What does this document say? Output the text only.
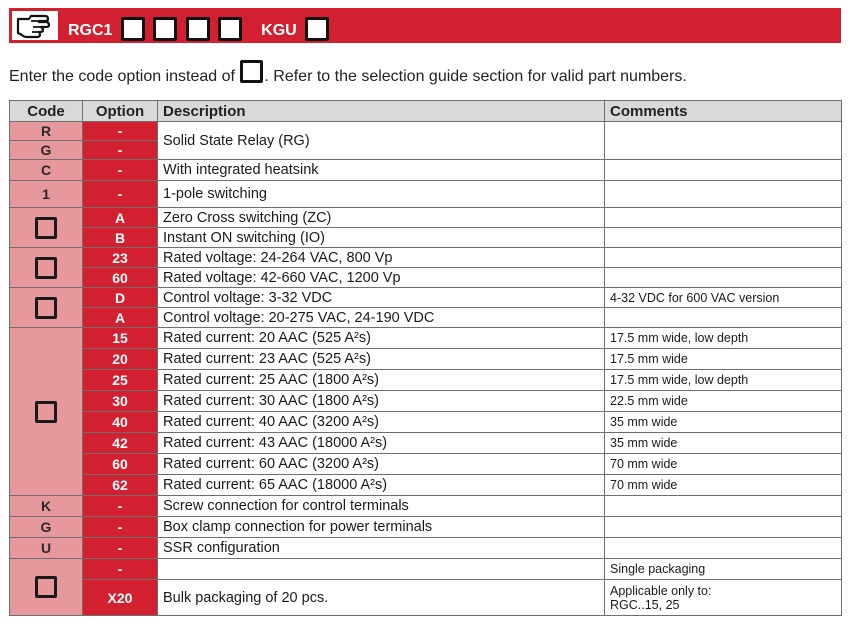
RGC1	KGU
Enter the code option instead of . Refer to the selection guide section for valid part numbers.
Code	Option	Description	Comments
R	-	Solid State Relay (RG)	
G	-		
C	-	With integrated heatsink	
1	-	1-pole switching	
	A	Zero Cross switching (ZC)	
	B	Instant ON switching (IO)	
	23	Rated voltage: 24-264 VAC, 800 Vp	
	60	Rated voltage: 42-660 VAC, 1200 Vp	
	D	Control voltage: 3-32 VDC	4-32 VDC for 600 VAC version
	A	Control voltage: 20-275 VAC, 24-190 VDC	
	15	Rated current: 20 AAC (525 A²s)	17.5 mm wide, low depth
	20	Rated current: 23 AAC (525 A²s)	17.5 mm wide
	25	Rated current: 25 AAC (1800 A²s)	17.5 mm wide, low depth
	30	Rated current: 30 AAC (1800 A²s)	22.5 mm wide
	40	Rated current: 40 AAC (3200 A²s)	35 mm wide
	42	Rated current: 43 AAC (18000 A²s)	35 mm wide
	60	Rated current: 60 AAC (3200 A²s)	70 mm wide
	62	Rated current: 65 AAC (18000 A²s)	70 mm wide
K	-	Screw connection for control terminals	
G	-	Box clamp connection for power terminals	
U	-	SSR configuration	
	-		Single packaging
	X20	Bulk packaging of 20 pcs.	Applicable only to:
RGC..15, 25
